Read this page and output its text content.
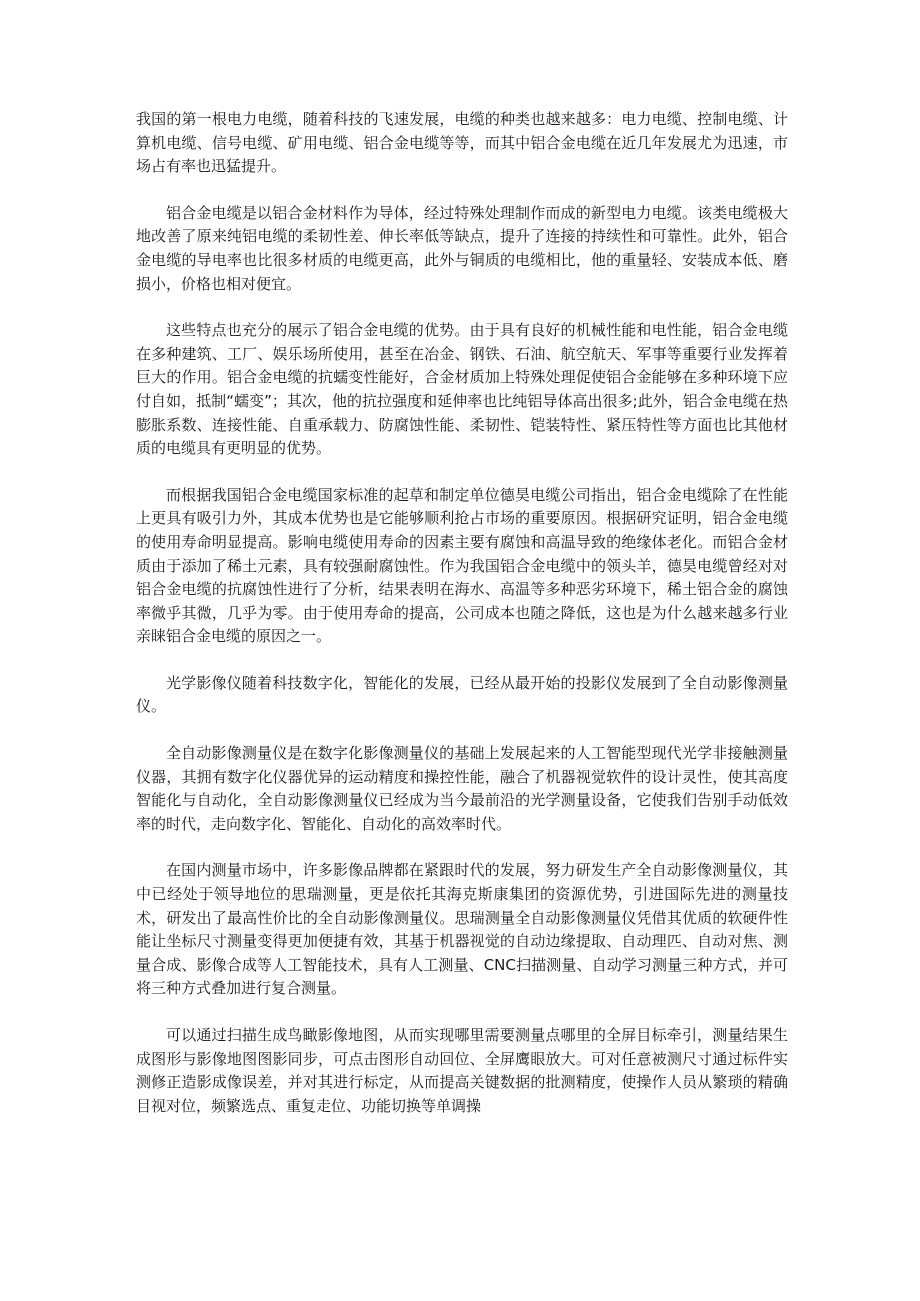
我国的第一根电力电缆，随着科技的飞速发展，电缆的种类也越来越多：电力电缆、控制电缆、计算机电缆、信号电缆、矿用电缆、铝合金电缆等等，而其中铝合金电缆在近几年发展尤为迅速，市场占有率也迅猛提升。

铝合金电缆是以铝合金材料作为导体，经过特殊处理制作而成的新型电力电缆。该类电缆极大地改善了原来纯铝电缆的柔韧性差、伸长率低等缺点，提升了连接的持续性和可靠性。此外，铝合金电缆的导电率也比很多材质的电缆更高，此外与铜质的电缆相比，他的重量轻、安装成本低、磨损小，价格也相对便宜。

这些特点也充分的展示了铝合金电缆的优势。由于具有良好的机械性能和电性能，铝合金电缆在多种建筑、工厂、娱乐场所使用，甚至在冶金、钢铁、石油、航空航天、军事等重要行业发挥着巨大的作用。铝合金电缆的抗蠕变性能好，合金材质加上特殊处理促使铝合金能够在多种环境下应付自如，抵制“蠕变”；其次，他的抗拉强度和延伸率也比纯铝导体高出很多;此外，铝合金电缆在热膨胀系数、连接性能、自重承载力、防腐蚀性能、柔韧性、铠装特性、紧压特性等方面也比其他材质的电缆具有更明显的优势。

而根据我国铝合金电缆国家标准的起草和制定单位德昊电缆公司指出，铝合金电缆除了在性能上更具有吸引力外，其成本优势也是它能够顺利抢占市场的重要原因。根据研究证明，铝合金电缆的使用寿命明显提高。影响电缆使用寿命的因素主要有腐蚀和高温导致的绝缘体老化。而铝合金材质由于添加了稀土元素，具有较强耐腐蚀性。作为我国铝合金电缆中的领头羊，德昊电缆曾经对对铝合金电缆的抗腐蚀性进行了分析，结果表明在海水、高温等多种恶劣环境下，稀土铝合金的腐蚀率微乎其微，几乎为零。由于使用寿命的提高，公司成本也随之降低，这也是为什么越来越多行业亲睐铝合金电缆的原因之一。

光学影像仪随着科技数字化，智能化的发展，已经从最开始的投影仪发展到了全自动影像测量仪。

全自动影像测量仪是在数字化影像测量仪的基础上发展起来的人工智能型现代光学非接触测量仪器，其拥有数字化仪器优异的运动精度和操控性能，融合了机器视觉软件的设计灵性，使其高度智能化与自动化，全自动影像测量仪已经成为当今最前沿的光学测量设备，它使我们告别手动低效率的时代，走向数字化、智能化、自动化的高效率时代。

在国内测量市场中，许多影像品牌都在紧跟时代的发展，努力研发生产全自动影像测量仪，其中已经处于领导地位的思瑞测量，更是依托其海克斯康集团的资源优势，引进国际先进的测量技术，研发出了最高性价比的全自动影像测量仪。思瑞测量全自动影像测量仪凭借其优质的软硬件性能让坐标尺寸测量变得更加便捷有效，其基于机器视觉的自动边缘提取、自动理匹、自动对焦、测量合成、影像合成等人工智能技术，具有人工测量、CNC扫描测量、自动学习测量三种方式，并可将三种方式叠加进行复合测量。

可以通过扫描生成鸟瞰影像地图，从而实现哪里需要测量点哪里的全屏目标牵引，测量结果生成图形与影像地图图影同步，可点击图形自动回位、全屏鹰眼放大。可对任意被测尺寸通过标件实测修正造影成像误差，并对其进行标定，从而提高关键数据的批测精度，使操作人员从繁琐的精确目视对位，频繁选点、重复走位、功能切换等单调操
